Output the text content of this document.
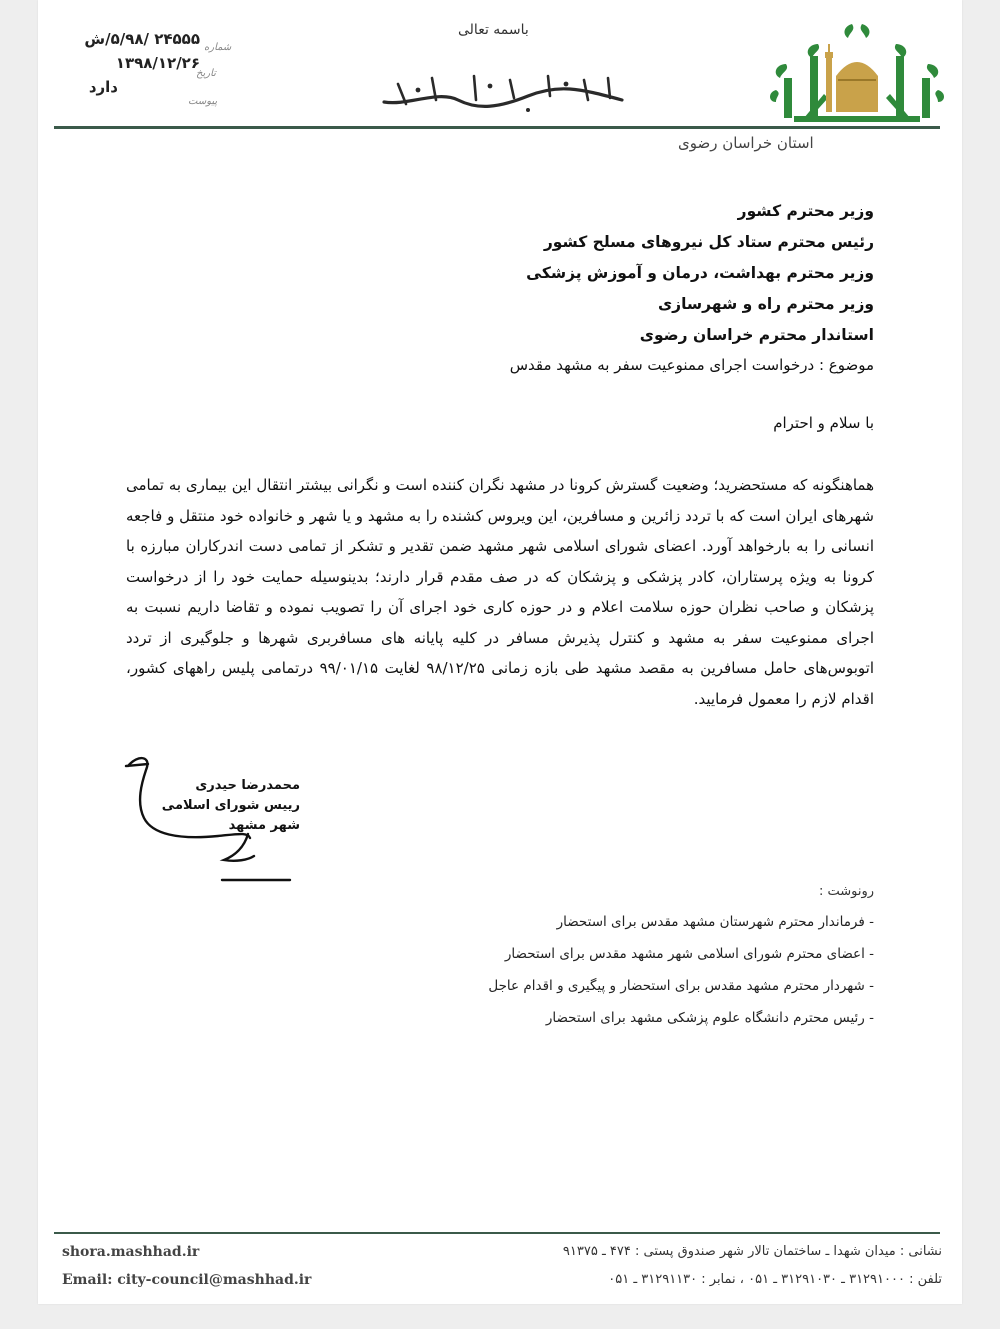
باسمه تعالی
۲۴۵۵۵ /۵/۹۸/ش شماره
۱۳۹۸/۱۲/۲۶
تاریخ
دارد
پیوست
استان خراسان رضوی
وزیر محترم کشور
رئیس محترم ستاد کل نیروهای مسلح کشور
وزیر محترم بهداشت، درمان و آموزش پزشکی
وزیر محترم راه و شهرسازی
استاندار محترم خراسان رضوی
موضوع : درخواست اجرای ممنوعیت سفر به مشهد مقدس
با سلام و احترام
هماهنگونه که مستحضرید؛ وضعیت گسترش کرونا در مشهد نگران کننده است و نگرانی بیشتر انتقال این بیماری به تمامی شهرهای ایران است که با تردد زائرین و مسافرین، این ویروس کشنده را به مشهد و یا شهر و خانواده خود منتقل و فاجعه انسانی را به بارخواهد آورد. اعضای شورای اسلامی شهر مشهد ضمن تقدیر و تشکر از تمامی دست اندرکاران مبارزه با کرونا به ویژه پرستاران، کادر پزشکی و پزشکان که در صف مقدم قرار دارند؛ بدینوسیله حمایت خود را از درخواست پزشکان و صاحب نظران حوزه سلامت اعلام و در حوزه کاری خود اجرای آن را تصویب نموده و تقاضا داریم نسبت به اجرای ممنوعیت سفر به مشهد و کنترل پذیرش مسافر در کلیه پایانه های مسافربری شهرها و جلوگیری از تردد اتوبوس‌های حامل مسافرین به مقصد مشهد طی بازه زمانی ۹۸/۱۲/۲۵ لغایت ۹۹/۰۱/۱۵ درتمامی پلیس راههای کشور، اقدام لازم را معمول فرمایید.
محمدرضا حیدری
رییس شورای اسلامی شهر مشهد
رونوشت :
- فرماندار محترم شهرستان مشهد مقدس برای استحضار
- اعضای محترم شورای اسلامی شهر مشهد مقدس برای استحضار
- شهردار محترم مشهد مقدس برای استحضار و پیگیری و اقدام عاجل
- رئیس محترم دانشگاه علوم پزشکی مشهد برای استحضار
shora.mashhad.ir
Email: city-council@mashhad.ir
نشانی : میدان شهدا ـ ساختمان تالار شهر صندوق پستی : ۴۷۴ ـ ۹۱۳۷۵
تلفن : ۳۱۲۹۱۰۰۰ ـ ۳۱۲۹۱۰۳۰ ـ ۰۵۱ ، نمابر : ۳۱۲۹۱۱۳۰ ـ ۰۵۱
